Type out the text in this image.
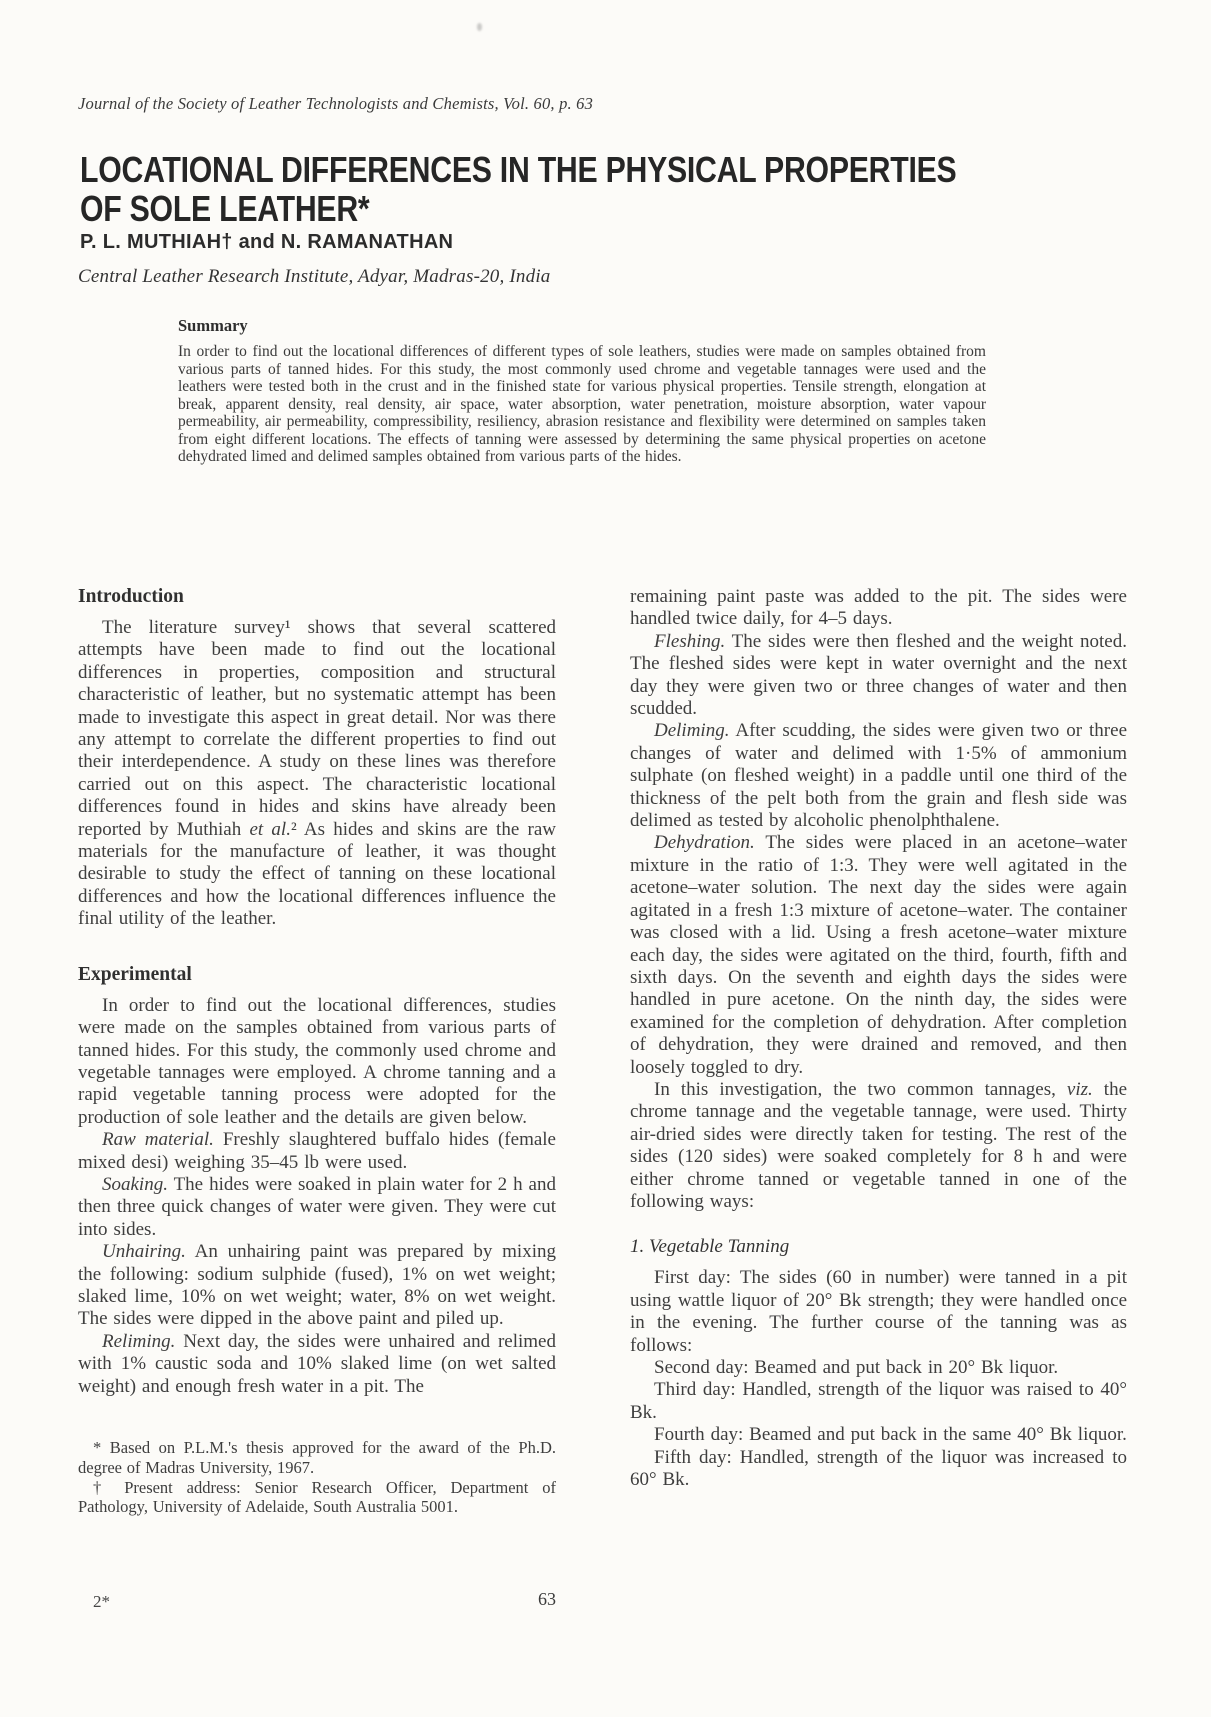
Journal of the Society of Leather Technologists and Chemists, Vol. 60, p. 63
LOCATIONAL DIFFERENCES IN THE PHYSICAL PROPERTIES
OF SOLE LEATHER*
P. L. MUTHIAH† and N. RAMANATHAN
Central Leather Research Institute, Adyar, Madras-20, India
Summary

In order to find out the locational differences of different types of sole leathers, studies were made on samples obtained from various parts of tanned hides. For this study, the most commonly used chrome and vegetable tannages were used and the leathers were tested both in the crust and in the finished state for various physical properties. Tensile strength, elongation at break, apparent density, real density, air space, water absorption, water penetration, moisture absorption, water vapour permeability, air permeability, compressibility, resiliency, abrasion resistance and flexibility were determined on samples taken from eight different locations. The effects of tanning were assessed by determining the same physical properties on acetone dehydrated limed and delimed samples obtained from various parts of the hides.

Introduction

The literature survey¹ shows that several scattered attempts have been made to find out the locational differences in properties, composition and structural characteristic of leather, but no systematic attempt has been made to investigate this aspect in great detail. Nor was there any attempt to correlate the different properties to find out their interdependence. A study on these lines was therefore carried out on this aspect. The characteristic locational differences found in hides and skins have already been reported by Muthiah et al.² As hides and skins are the raw materials for the manufacture of leather, it was thought desirable to study the effect of tanning on these locational differences and how the locational differences influence the final utility of the leather.

Experimental

In order to find out the locational differences, studies were made on the samples obtained from various parts of tanned hides. For this study, the commonly used chrome and vegetable tannages were employed. A chrome tanning and a rapid vegetable tanning process were adopted for the production of sole leather and the details are given below.

Raw material. Freshly slaughtered buffalo hides (female mixed desi) weighing 35–45 lb were used.

Soaking. The hides were soaked in plain water for 2 h and then three quick changes of water were given. They were cut into sides.

Unhairing. An unhairing paint was prepared by mixing the following: sodium sulphide (fused), 1% on wet weight; slaked lime, 10% on wet weight; water, 8% on wet weight. The sides were dipped in the above paint and piled up.

Reliming. Next day, the sides were unhaired and relimed with 1% caustic soda and 10% slaked lime (on wet salted weight) and enough fresh water in a pit. The

* Based on P.L.M.'s thesis approved for the award of the Ph.D. degree of Madras University, 1967.

† Present address: Senior Research Officer, Department of Pathology, University of Adelaide, South Australia 5001.

remaining paint paste was added to the pit. The sides were handled twice daily, for 4–5 days.

Fleshing. The sides were then fleshed and the weight noted. The fleshed sides were kept in water overnight and the next day they were given two or three changes of water and then scudded.

Deliming. After scudding, the sides were given two or three changes of water and delimed with 1·5% of ammonium sulphate (on fleshed weight) in a paddle until one third of the thickness of the pelt both from the grain and flesh side was delimed as tested by alcoholic phenolphthalene.

Dehydration. The sides were placed in an acetone–water mixture in the ratio of 1:3. They were well agitated in the acetone–water solution. The next day the sides were again agitated in a fresh 1:3 mixture of acetone–water. The container was closed with a lid. Using a fresh acetone–water mixture each day, the sides were agitated on the third, fourth, fifth and sixth days. On the seventh and eighth days the sides were handled in pure acetone. On the ninth day, the sides were examined for the completion of dehydration. After completion of dehydration, they were drained and removed, and then loosely toggled to dry.

In this investigation, the two common tannages, viz. the chrome tannage and the vegetable tannage, were used. Thirty air-dried sides were directly taken for testing. The rest of the sides (120 sides) were soaked completely for 8 h and were either chrome tanned or vegetable tanned in one of the following ways:

1. Vegetable Tanning

First day: The sides (60 in number) were tanned in a pit using wattle liquor of 20° Bk strength; they were handled once in the evening. The further course of the tanning was as follows:

Second day: Beamed and put back in 20° Bk liquor.

Third day: Handled, strength of the liquor was raised to 40° Bk.

Fourth day: Beamed and put back in the same 40° Bk liquor.

Fifth day: Handled, strength of the liquor was increased to 60° Bk.

2*	63
